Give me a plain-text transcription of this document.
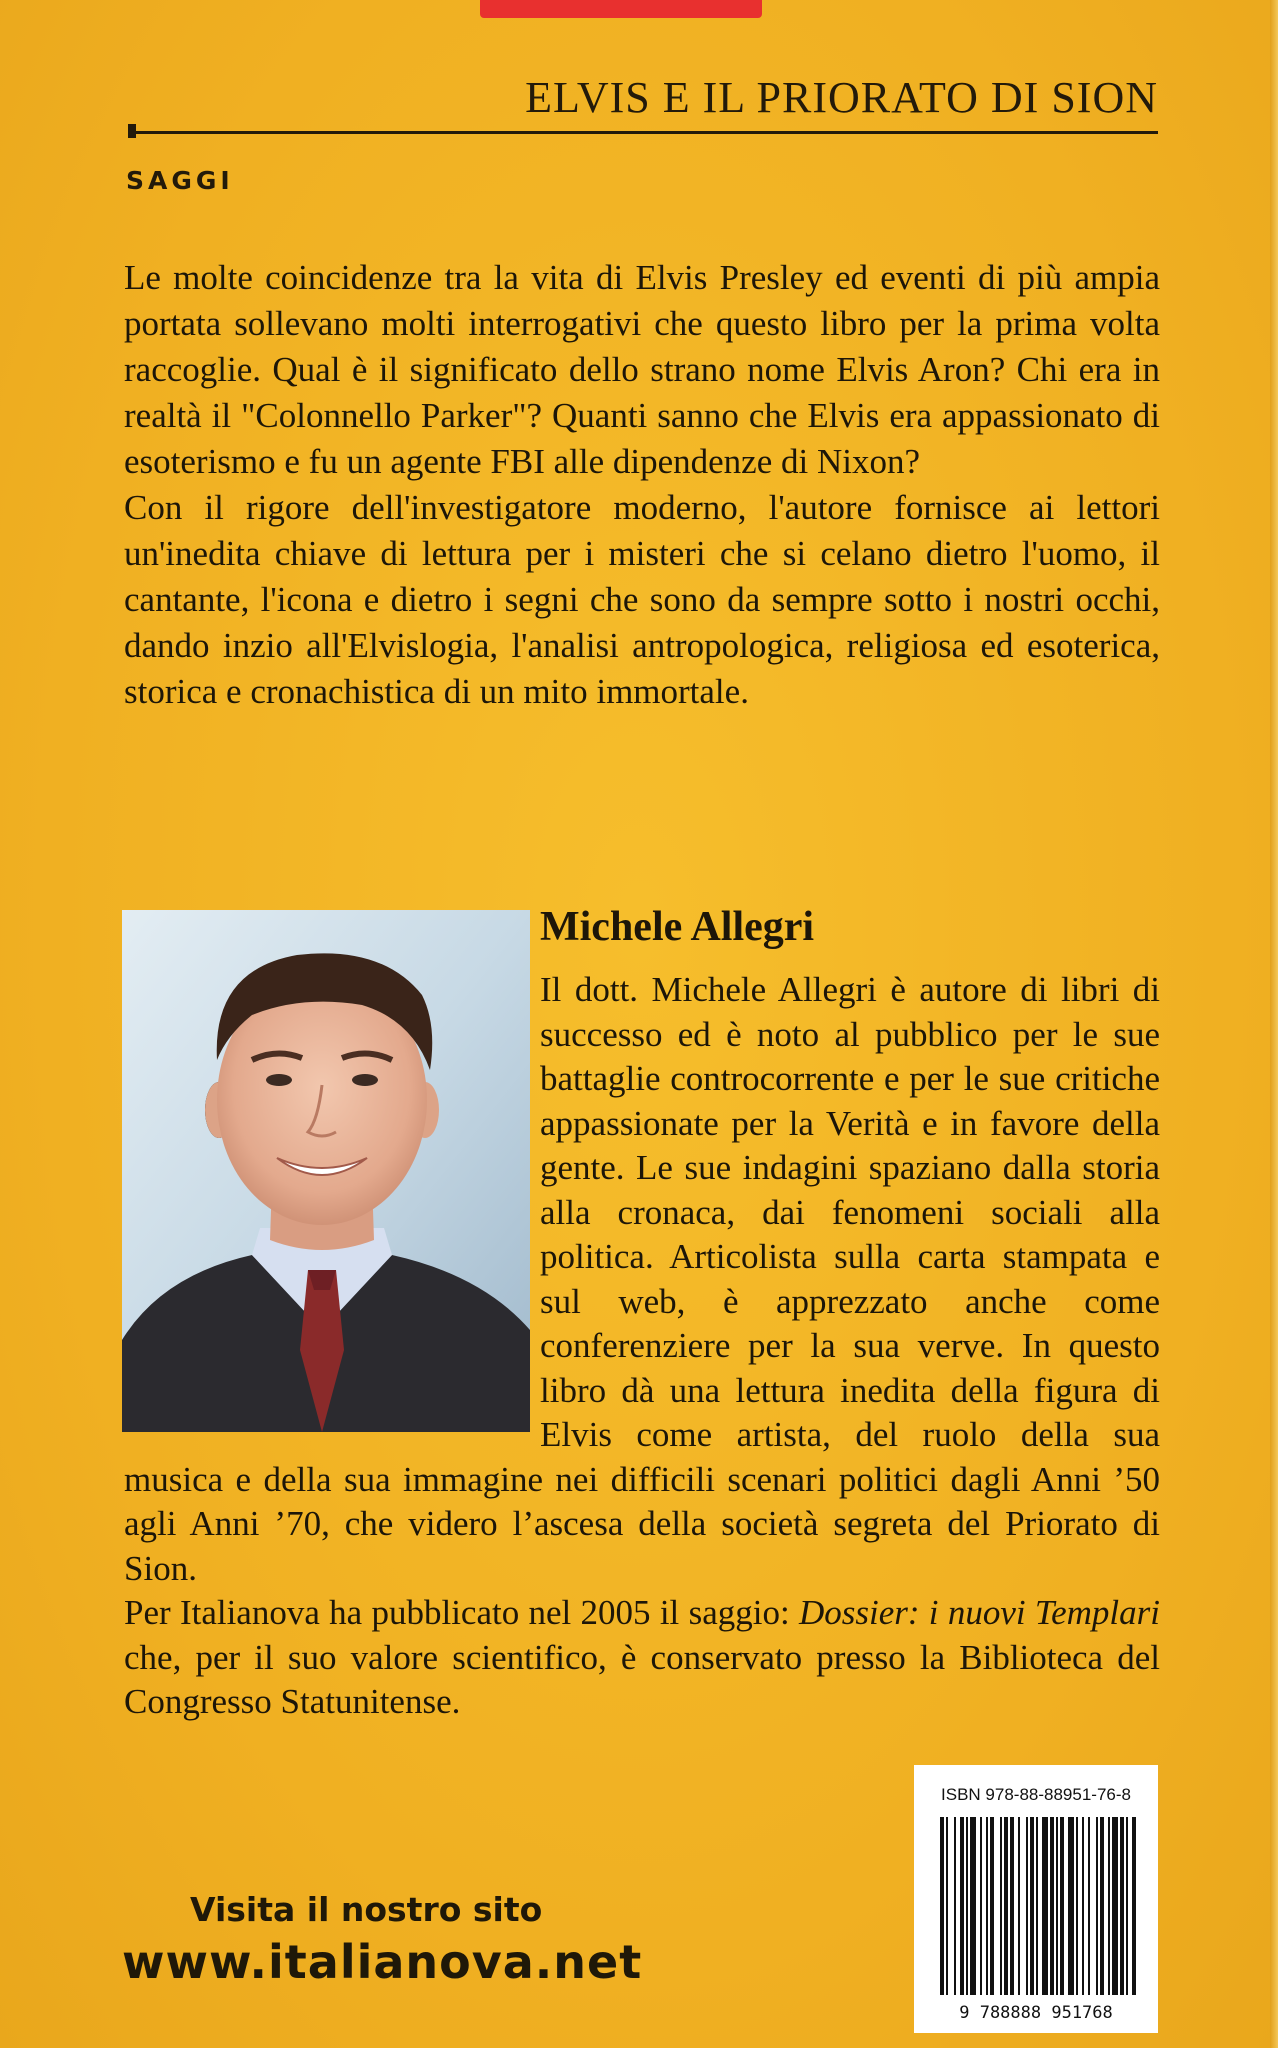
ELVIS E IL PRIORATO DI SION
SAGGI

Le molte coincidenze tra la vita di Elvis Presley ed eventi di più ampia portata sollevano molti interrogativi che questo libro per la prima volta raccoglie. Qual è il significato dello strano nome Elvis Aron? Chi era in realtà il "Colonnello Parker"? Quanti sanno che Elvis era appassionato di esoterismo e fu un agente FBI alle dipendenze di Nixon?

Con il rigore dell'investigatore moderno, l'autore fornisce ai lettori un'inedita chiave di lettura per i misteri che si celano dietro l'uomo, il cantante, l'icona e dietro i segni che sono da sempre sotto i nostri occhi, dando inzio all'Elvislogia, l'analisi antropologica, religiosa ed esoterica, storica e cronachistica di un mito immortale.

Michele Allegri

Il dott. Michele Allegri è autore di libri di successo ed è noto al pubblico per le sue battaglie controcorrente e per le sue critiche appassionate per la Verità e in favore della gente. Le sue indagini spaziano dalla storia alla cronaca, dai fenomeni sociali alla politica. Articolista sulla carta stampata e sul web, è apprezzato anche come conferenziere per la sua verve. In questo libro dà una lettura inedita della figura di Elvis come artista, del ruolo della sua musica e della sua immagine nei difficili scenari politici dagli Anni ’50 agli Anni ’70, che videro l’ascesa della società segreta del Priorato di Sion.

Per Italianova ha pubblicato nel 2005 il saggio: Dossier: i nuovi Templari che, per il suo valore scientifico, è conservato presso la Biblioteca del Congresso Statunitense.

ISBN 978-88-88951-76-8
9 788888 951768
Visita il nostro sito
www.italianova.net
